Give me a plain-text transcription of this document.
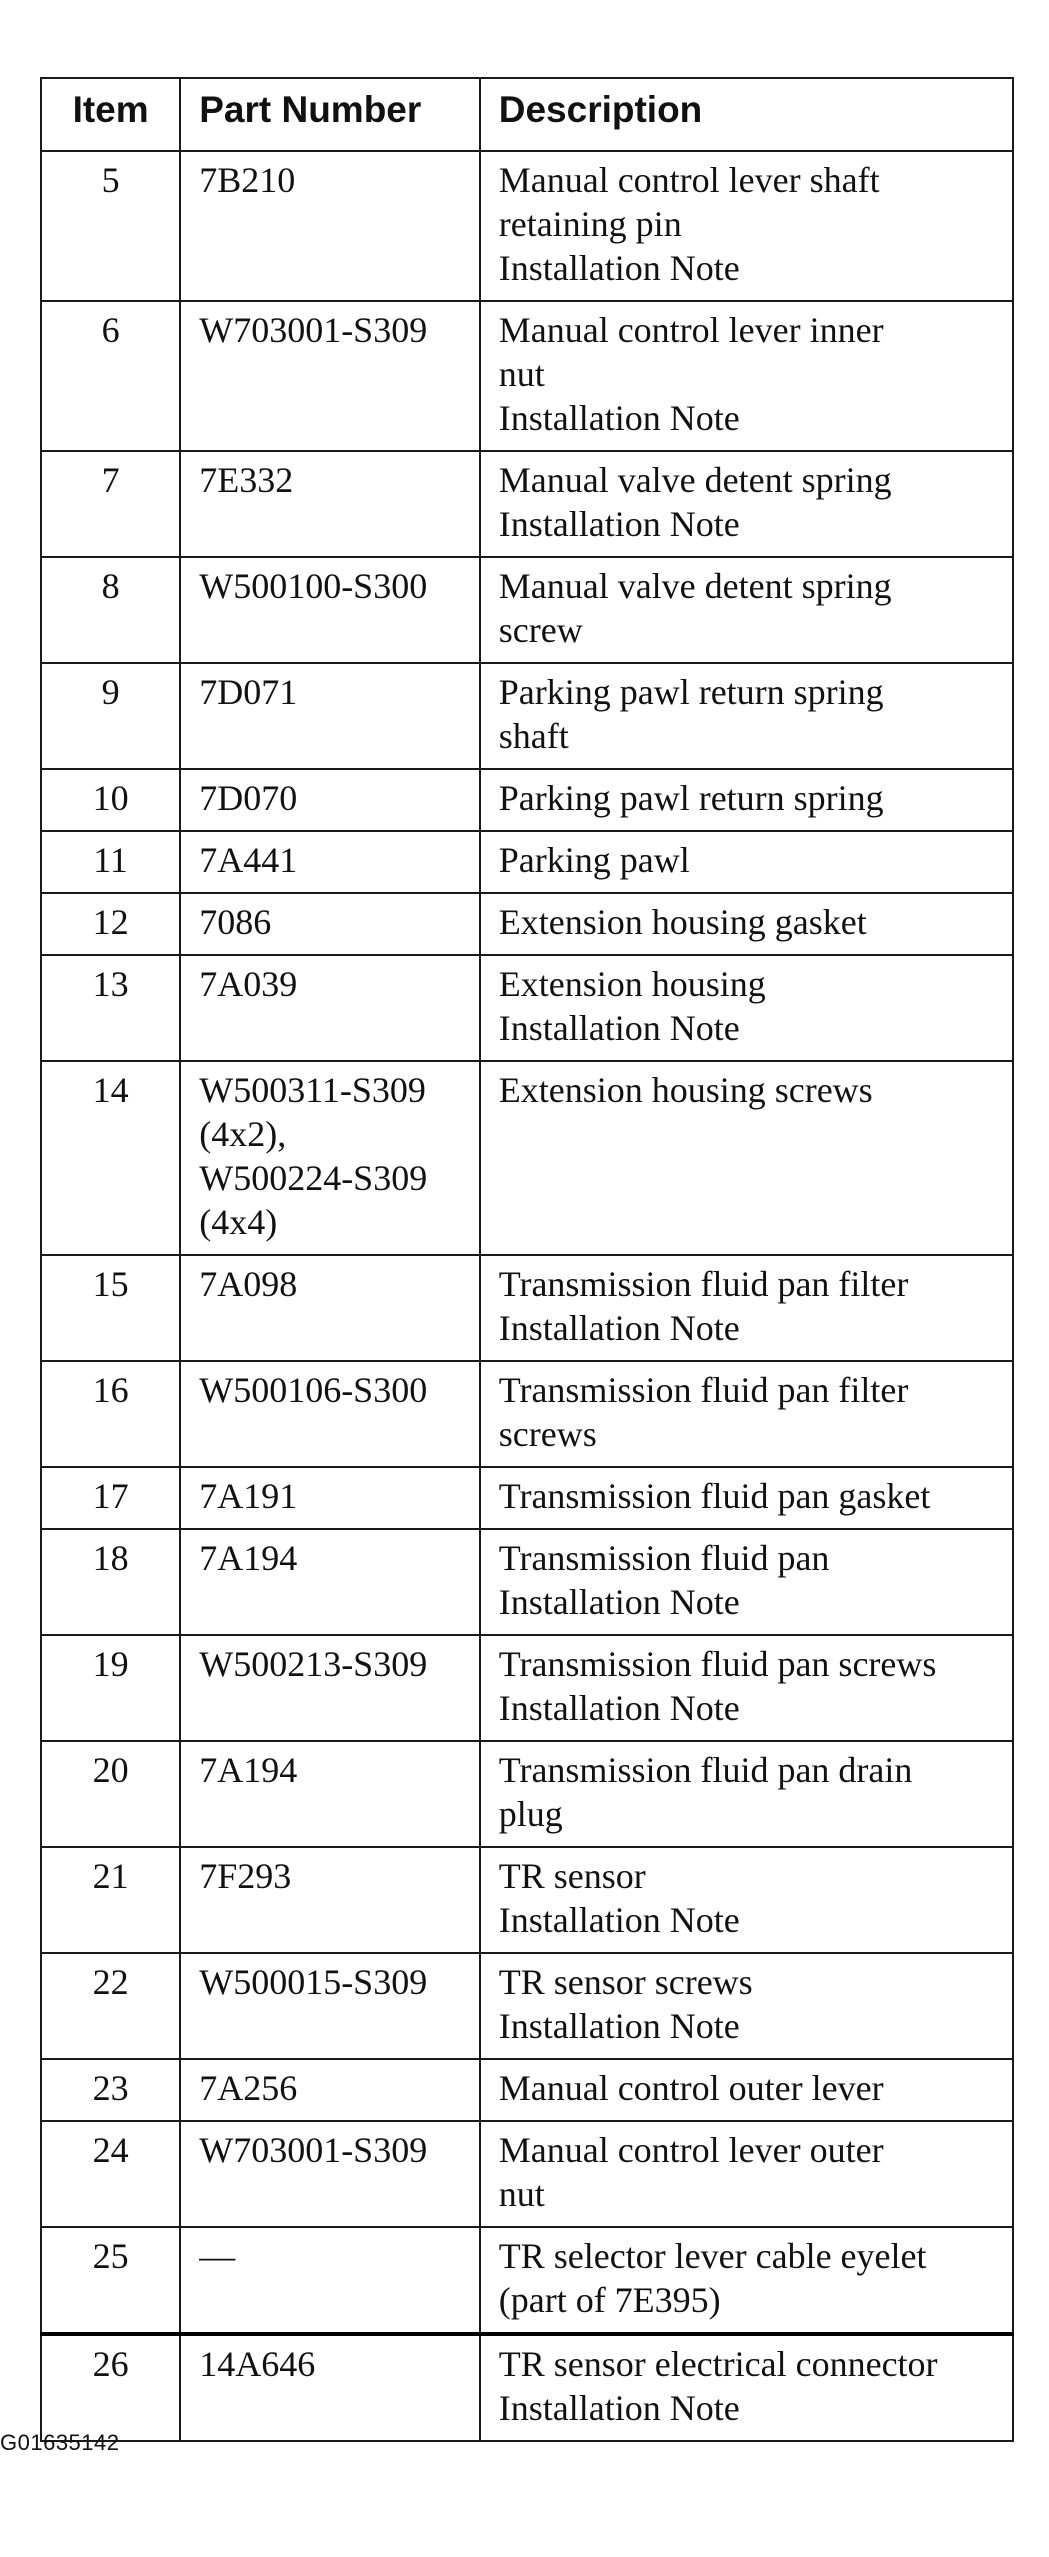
Item	Part Number	Description
5	7B210	Manual control lever shaft
retaining pin
Installation Note

6	W703001-S309	Manual control lever inner
nut
Installation Note

7	7E332	Manual valve detent spring
Installation Note

8	W500100-S300	Manual valve detent spring
screw

9	7D071	Parking pawl return spring
shaft

10	7D070	Parking pawl return spring

11	7A441	Parking pawl

12	7086	Extension housing gasket

13	7A039	Extension housing
Installation Note

14	W500311-S309
(4x2),
W500224-S309
(4x4)	Extension housing screws

15	7A098	Transmission fluid pan filter
Installation Note

16	W500106-S300	Transmission fluid pan filter
screws

17	7A191	Transmission fluid pan gasket

18	7A194	Transmission fluid pan
Installation Note

19	W500213-S309	Transmission fluid pan screws
Installation Note

20	7A194	Transmission fluid pan drain
plug

21	7F293	TR sensor
Installation Note

22	W500015-S309	TR sensor screws
Installation Note

23	7A256	Manual control outer lever

24	W703001-S309	Manual control lever outer
nut

25	—	TR selector lever cable eyelet
(part of 7E395)

26	14A646	TR sensor electrical connector
Installation Note
G01635142
